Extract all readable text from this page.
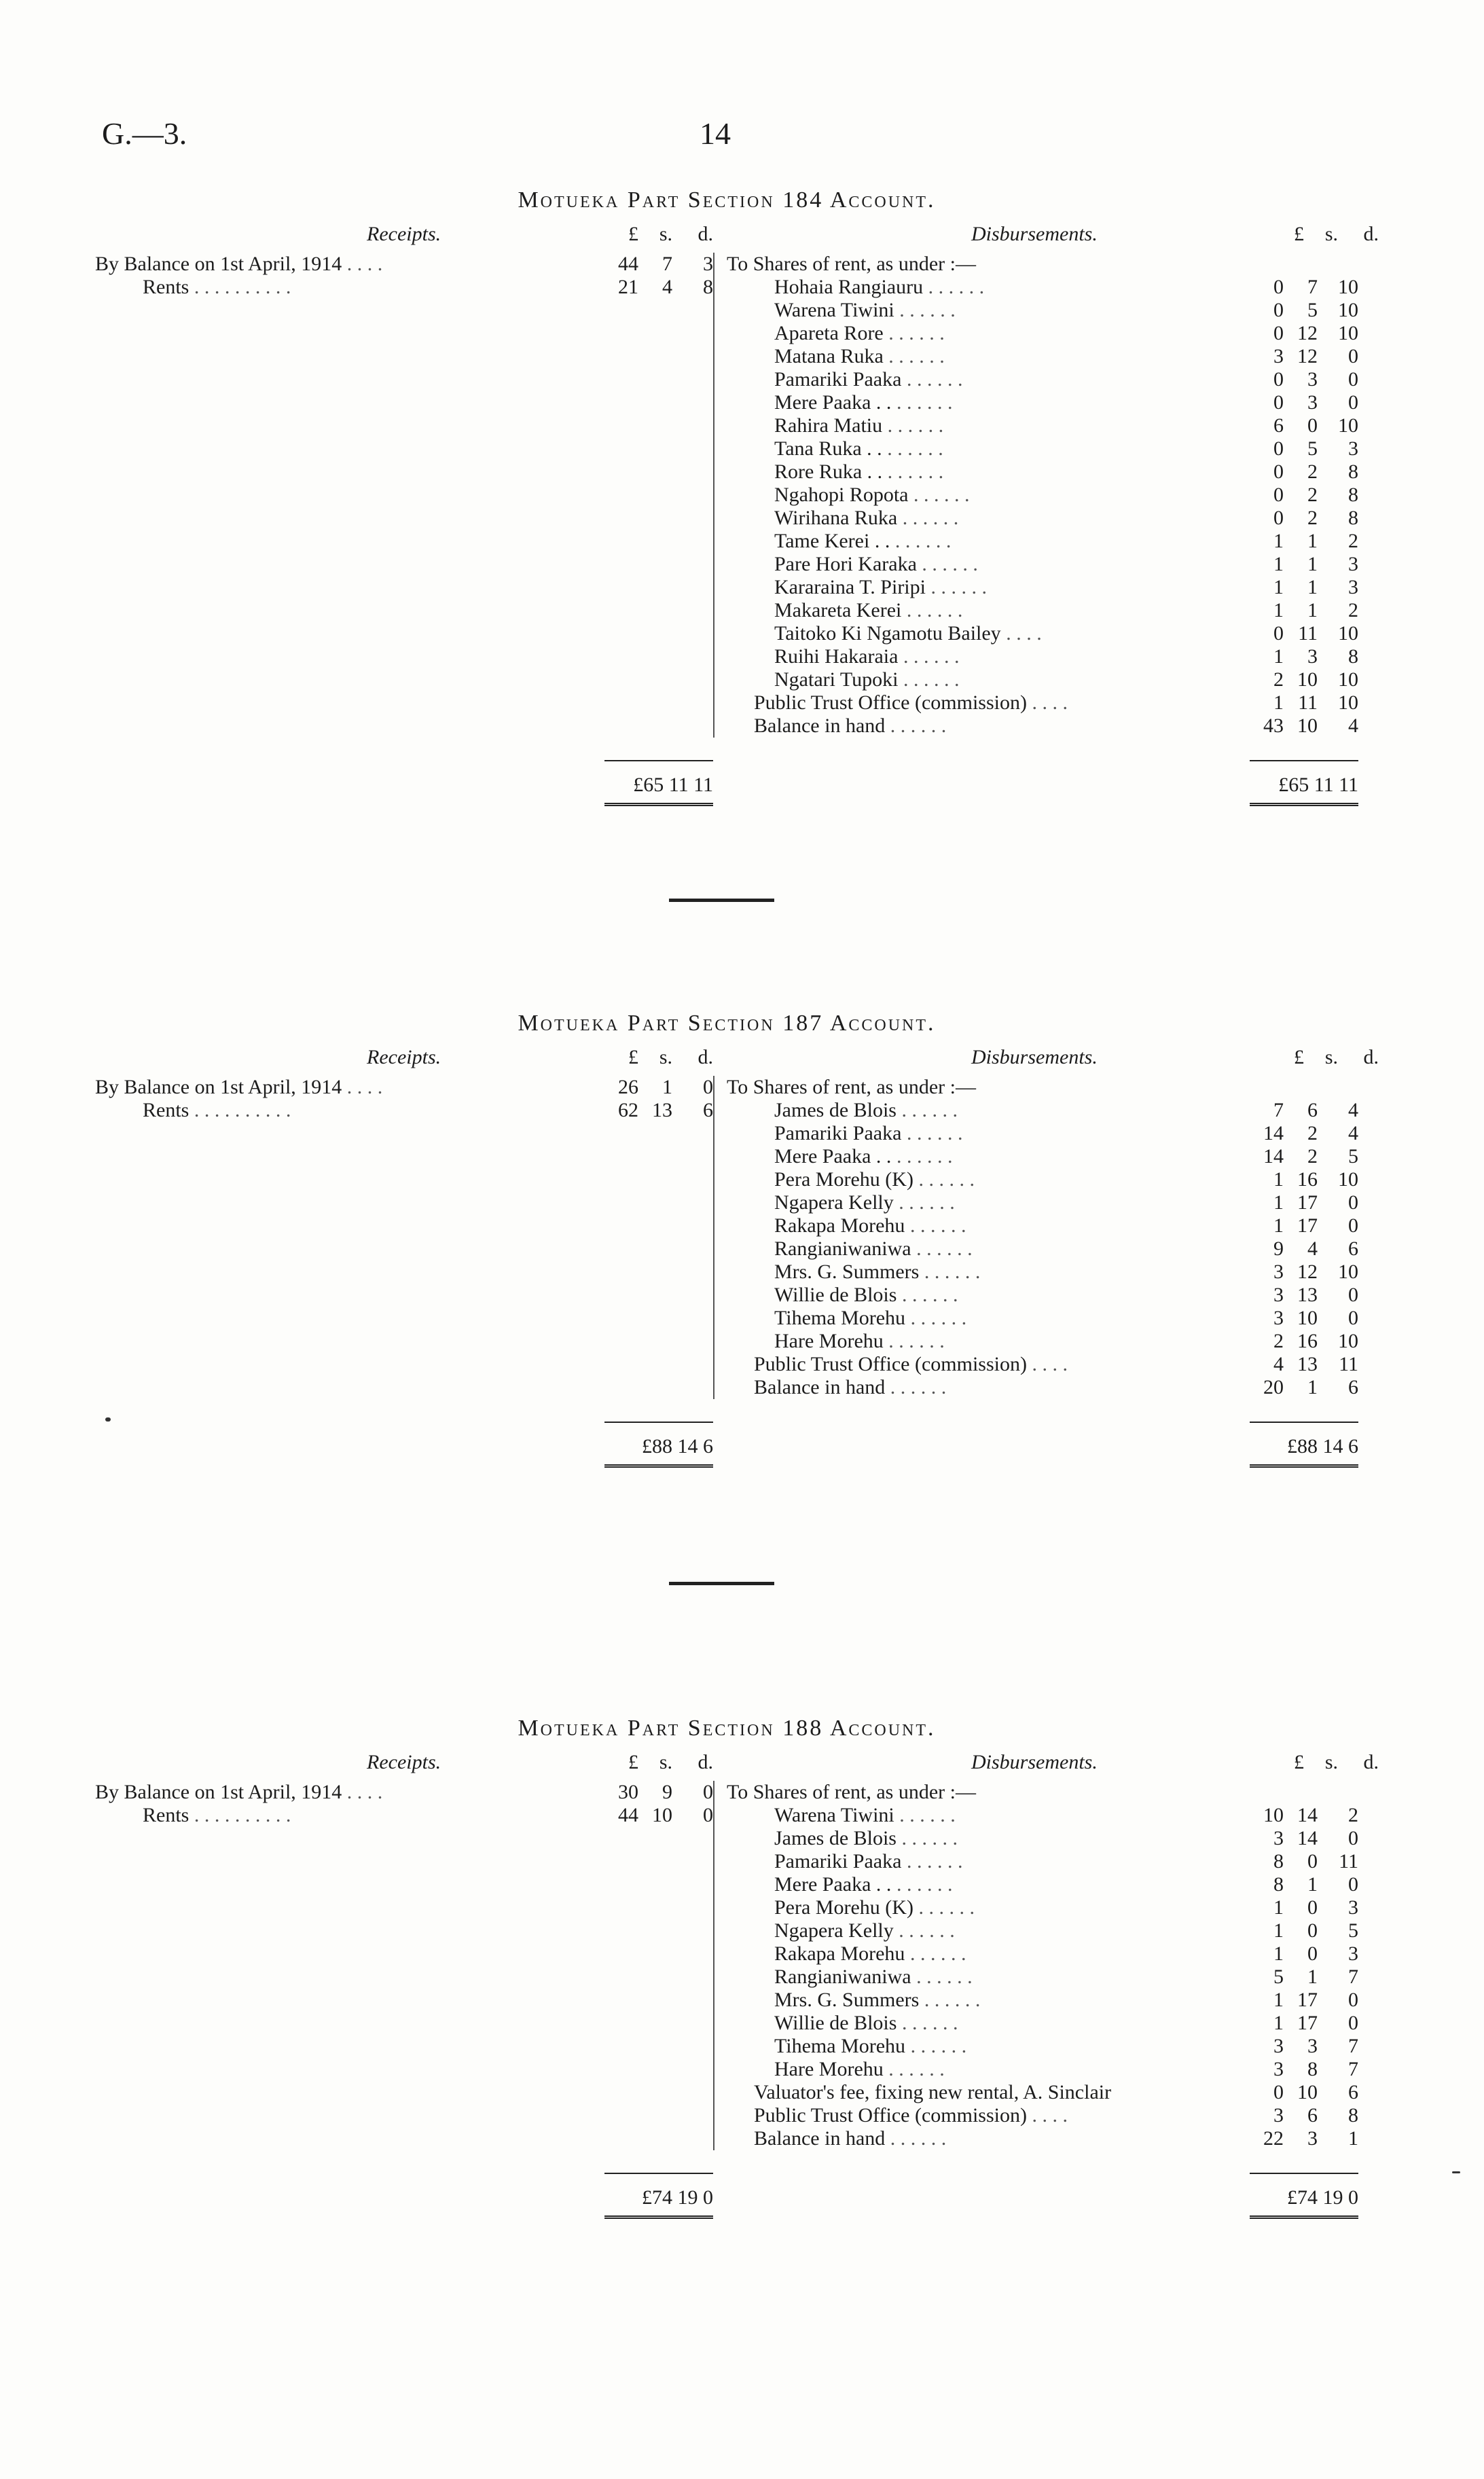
G.—3.	14
Motueka Part Section 184 Account.
Receipts.	Disbursements.
£	s.	d.	£	s.	d.
By Balance on 1st April, 1914 . . . .	44	7	3
Rents . . . . . . . . . .	21	4	8
To Shares of rent, as under :—
Hohaia Rangiauru . . . . . .	0	7	10
Warena Tiwini . . . . . .	0	5	10
Apareta Rore . . . . . .	0 12	10
Matana Ruka . . . . . .	3 12	0
Pamariki Paaka . . . . . .	0	3	0
Mere Paaka . . . . . . . .	0	3	0
Rahira Matiu . . . . . .	6	0	10
Tana Ruka . . . . . . . .	0	5	3
Rore Ruka . . . . . . . .	0	2	8
Ngahopi Ropota . . . . . .	0	2	8
Wirihana Ruka . . . . . .	0	2	8
Tame Kerei . . . . . . . .	1	1	2
Pare Hori Karaka . . . . . .	1	1	3
Kararaina T. Piripi . . . . . .	1	1	3
Makareta Kerei . . . . . .	1	1	2
Taitoko Ki Ngamotu Bailey . . . .	0 11	10
Ruihi Hakaraia . . . . . .	1	3	8
Ngatari Tupoki . . . . . .	2 10	10
Public Trust Office (commission) . . . .	1 11	10
Balance in hand . . . . . .	43 10	4
£65 11 11	£65 11 11
Motueka Part Section 187 Account.
Receipts.	Disbursements.
£	s.	d.	£	s.	d.
By Balance on 1st April, 1914 . . . .	26	1	0
Rents . . . . . . . . . .	62 13	6
To Shares of rent, as under :—
James de Blois . . . . . .	7	6	4
Pamariki Paaka . . . . . .	14	2	4
Mere Paaka . . . . . . . .	14	2	5
Pera Morehu (K) . . . . . .	1 16	10
Ngapera Kelly . . . . . .	1 17	0
Rakapa Morehu . . . . . .	1 17	0
Rangianiwaniwa . . . . . .	9	4	6
Mrs. G. Summers . . . . . .	3 12	10
Willie de Blois . . . . . .	3 13	0
Tihema Morehu . . . . . .	3 10	0
Hare Morehu . . . . . .	2 16	10
Public Trust Office (commission) . . . .	4 13	11
Balance in hand . . . . . .	20	1	6
£88 14 6	£88 14 6
Motueka Part Section 188 Account.
Receipts.	Disbursements.
£	s.	d.	£	s.	d.
By Balance on 1st April, 1914 . . . .	30	9	0
Rents . . . . . . . . . .	44 10	0
To Shares of rent, as under :—
Warena Tiwini . . . . . .	10 14	2
James de Blois . . . . . .	3 14	0
Pamariki Paaka . . . . . .	8	0	11
Mere Paaka . . . . . . . .	8	1	0
Pera Morehu (K) . . . . . .	1	0	3
Ngapera Kelly . . . . . .	1	0	5
Rakapa Morehu . . . . . .	1	0	3
Rangianiwaniwa . . . . . .	5	1	7
Mrs. G. Summers . . . . . .	1 17	0
Willie de Blois . . . . . .	1 17	0
Tihema Morehu . . . . . .	3	3	7
Hare Morehu . . . . . .	3	8	7
Valuator's fee, fixing new rental, A. Sinclair	0 10	6
Public Trust Office (commission) . . . .	3	6	8
Balance in hand . . . . . .	22	3	1
£74 19 0	£74 19 0
